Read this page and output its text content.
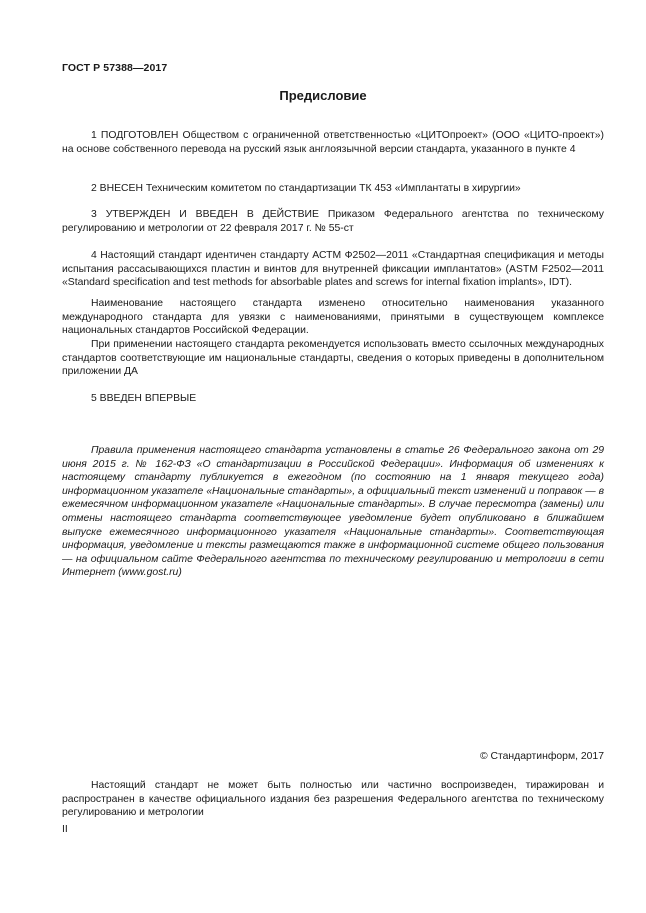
ГОСТ Р 57388—2017
Предисловие

1 ПОДГОТОВЛЕН Обществом с ограниченной ответственностью «ЦИТОпроект» (ООО «ЦИТО-проект») на основе собственного перевода на русский язык англоязычной версии стандарта, указанного в пункте 4

2 ВНЕСЕН Техническим комитетом по стандартизации ТК 453 «Имплантаты в хирургии»

3 УТВЕРЖДЕН И ВВЕДЕН В ДЕЙСТВИЕ Приказом Федерального агентства по техническому регулированию и метрологии от 22 февраля 2017 г. № 55-ст

4 Настоящий стандарт идентичен стандарту АСТМ Ф2502—2011 «Стандартная спецификация и методы испытания рассасывающихся пластин и винтов для внутренней фиксации имплантатов» (ASTM F2502—2011 «Standard specification and test methods for absorbable plates and screws for internal fixation implants», IDT).

Наименование настоящего стандарта изменено относительно наименования указанного международного стандарта для увязки с наименованиями, принятыми в существующем комплексе национальных стандартов Российской Федерации.

При применении настоящего стандарта рекомендуется использовать вместо ссылочных международных стандартов соответствующие им национальные стандарты, сведения о которых приведены в дополнительном приложении ДА

5 ВВЕДЕН ВПЕРВЫЕ

Правила применения настоящего стандарта установлены в статье 26 Федерального закона от 29 июня 2015 г. № 162-ФЗ «О стандартизации в Российской Федерации». Информация об изменениях к настоящему стандарту публикуется в ежегодном (по состоянию на 1 января текущего года) информационном указателе «Национальные стандарты», а официальный текст изменений и поправок — в ежемесячном информационном указателе «Национальные стандарты». В случае пересмотра (замены) или отмены настоящего стандарта соответствующее уведомление будет опубликовано в ближайшем выпуске ежемесячного информационного указателя «Национальные стандарты». Соответствующая информация, уведомление и тексты размещаются также в информационной системе общего пользования — на официальном сайте Федерального агентства по техническому регулированию и метрологии в сети Интернет (www.gost.ru)

© Стандартинформ, 2017

Настоящий стандарт не может быть полностью или частично воспроизведен, тиражирован и распространен в качестве официального издания без разрешения Федерального агентства по техническому регулированию и метрологии

II
